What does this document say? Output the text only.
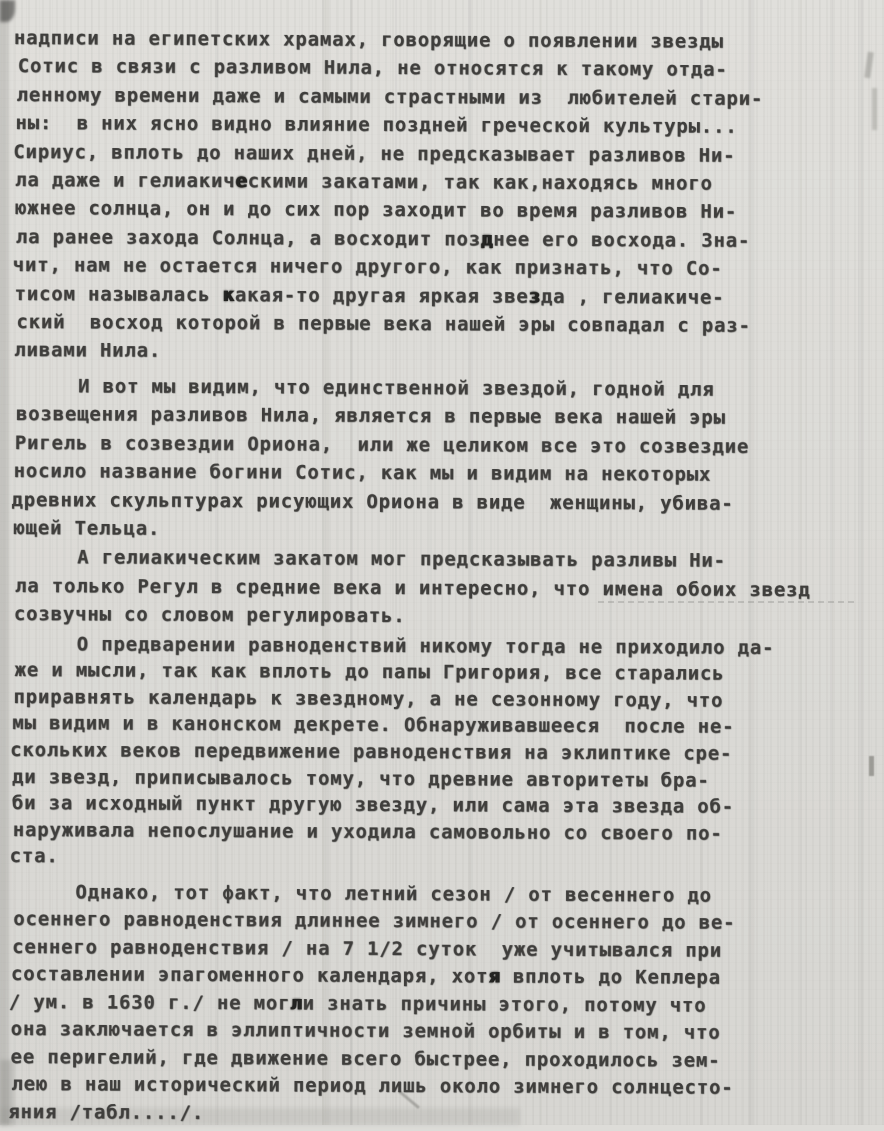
надписи на египетских храмах, говорящие о появлении звезды
Сотис в связи с разливом Нила, не относятся к такому отда-
ленному времени даже и самыми страстными из  любителей стари-
ны:  в них ясно видно влияние поздней греческой культуры...
Сириус, вплоть до наших дней, не предсказывает разливов Ни-
ла даже и гелиакическими закатами, так как,находясь много
южнее солнца, он и до сих пор заходит во время разливов Ни-
ла ранее захода Солнца, а восходит позднее его восхода. Зна-
чит, нам не остается ничего другого, как признать, что Со-
тисом называлась какая-то другая яркая звезда , гелиакиче-
ский  восход которой в первые века нашей эры совпадал с раз-
ливами Нила.
И вот мы видим, что единственной звездой, годной для
возвещения разливов Нила, является в первые века нашей эры
Ригель в созвездии Ориона,  или же целиком все это созвездие
носило название богини Сотис, как мы и видим на некоторых
древних скульптурах рисующих Ориона в виде  женщины, убива-
ющей Тельца.
А гелиакическим закатом мог предсказывать разливы Ни-
ла только Регул в средние века и интересно, что имена обоих звезд
созвучны со словом регулировать.
О предварении равноденствий никому тогда не приходило да-
же и мысли, так как вплоть до папы Григория, все старались
приравнять календарь к звездному, а не сезонному году, что
мы видим и в канонском декрете. Обнаруживавшееся  после не-
скольких веков передвижение равноденствия на эклиптике сре-
ди звезд, приписывалось тому, что древние авторитеты бра-
би за исходный пункт другую звезду, или сама эта звезда об-
наруживала непослушание и уходила самовольно со своего по-
ста.
Однако, тот факт, что летний сезон / от весеннего до
осеннего равноденствия длиннее зимнего / от осеннего до ве-
сеннего равноденствия / на 7 1/2 суток  уже учитывался при
составлении эпагоменного календаря, хотя вплоть до Кеплера
/ ум. в 1630 г./ не могли знать причины этого, потому что
она заключается в эллиптичности земной орбиты и в том, что
ее перигелий, где движение всего быстрее, проходилось зем-
лею в наш исторический период лишь около зимнего солнцесто-
яния /табл..../.
